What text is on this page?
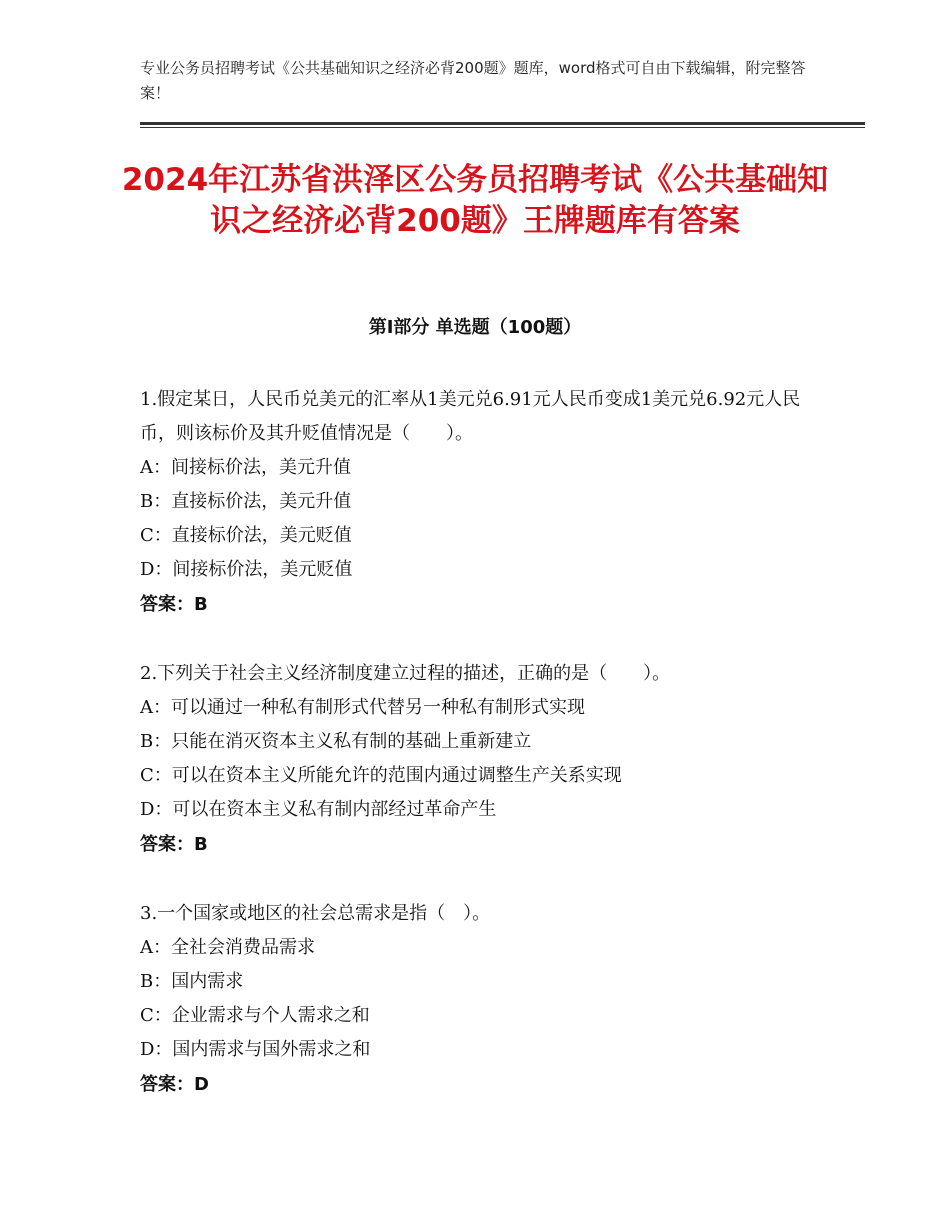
专业公务员招聘考试《公共基础知识之经济必背200题》题库，word格式可自由下载编辑，附完整答案！
2024年江苏省洪泽区公务员招聘考试《公共基础知识之经济必背200题》王牌题库有答案
第Ⅰ部分 单选题（100题）
1.假定某日，人民币兑美元的汇率从1美元兑6.91元人民币变成1美元兑6.92元人民币，则该标价及其升贬值情况是（　　）。
A：间接标价法，美元升值
B：直接标价法，美元升值
C：直接标价法，美元贬值
D：间接标价法，美元贬值
答案：B
2.下列关于社会主义经济制度建立过程的描述，正确的是（　　）。
A：可以通过一种私有制形式代替另一种私有制形式实现
B：只能在消灭资本主义私有制的基础上重新建立
C：可以在资本主义所能允许的范围内通过调整生产关系实现
D：可以在资本主义私有制内部经过革命产生
答案：B
3.一个国家或地区的社会总需求是指（　）。
A：全社会消费品需求
B：国内需求
C：企业需求与个人需求之和
D：国内需求与国外需求之和
答案：D
